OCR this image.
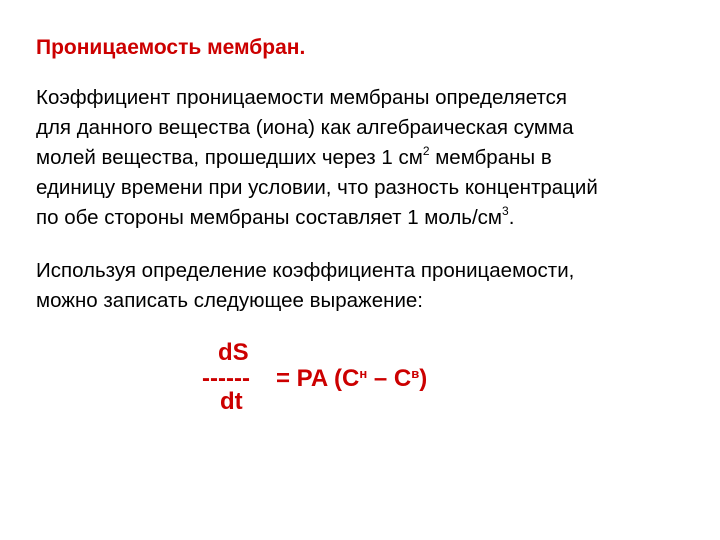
Проницаемость мембран.
Коэффициент проницаемости мембраны определяется
для данного вещества (иона) как алгебраическая сумма
молей вещества, прошедших через 1 $см^2$ мембраны в
единицу времени при условии, что разность концентраций
по обе стороны мембраны составляет 1 моль/$см^3$.
Используя определение коэффициента проницаемости,
можно записать следующее выражение:
dS
------ = PA $(C^н - C^в)$
dt
